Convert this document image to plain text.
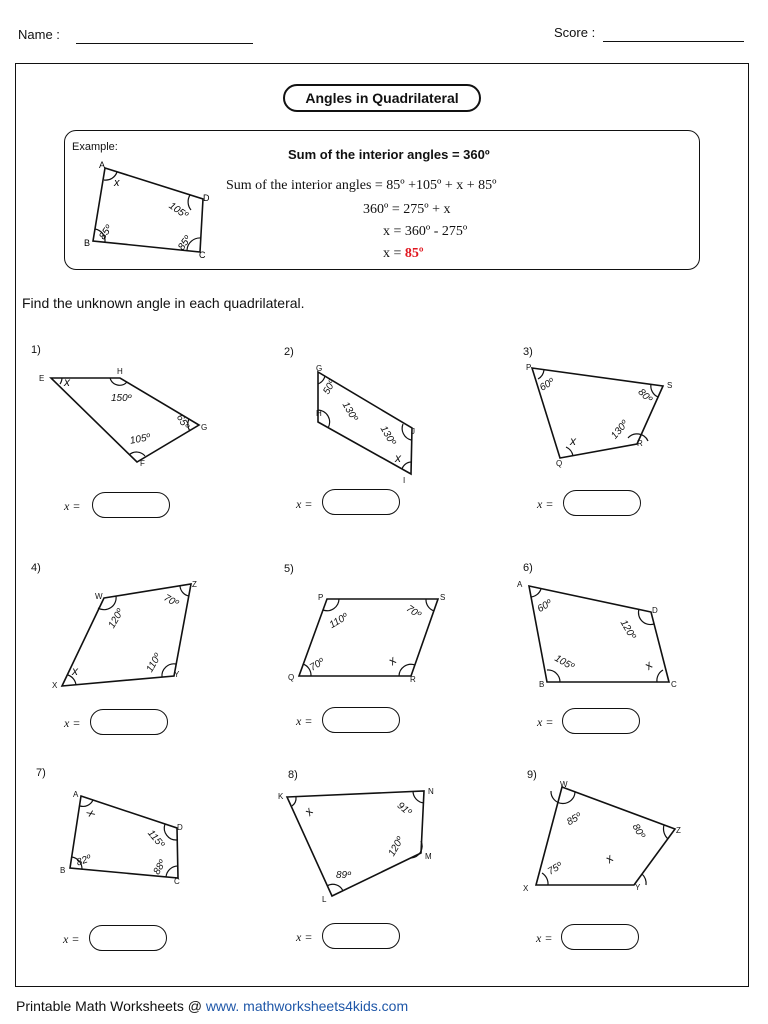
Name :	Score :
Angles in Quadrilateral
Example:	Sum of the interior angles = 360º
Sum of the interior angles = 85º +105º + x + 85º
360º = 275º + x
x = 360º - 275º
x = 85º
A
B
C
D
x
85º
85º
105º
Find the unknown angle in each quadrilateral.
1)	2)	3)
4)	5)	6)
7)	8)	9)
E
H
G
F
G
H
I
J
P
S
R
Q
W
Z
Y
X
P	S
R
Q
A
D
C
B
A
D
C
B
K
N
M
L
W
Z
Y
X
x
150º
65º
105º
50º
130º
x
130º
60º
80º
130º
x
120º
70º
110º
x
110º	70º
x
70º
60º
120º
x
105º
x
115º
88º
82º
x	91º
120º
89º
85º
80º
x
75º
x =	x =	x =
x =	x =	x =
x =	x =	x =
Printable Math Worksheets @ www. mathworksheets4kids.com
